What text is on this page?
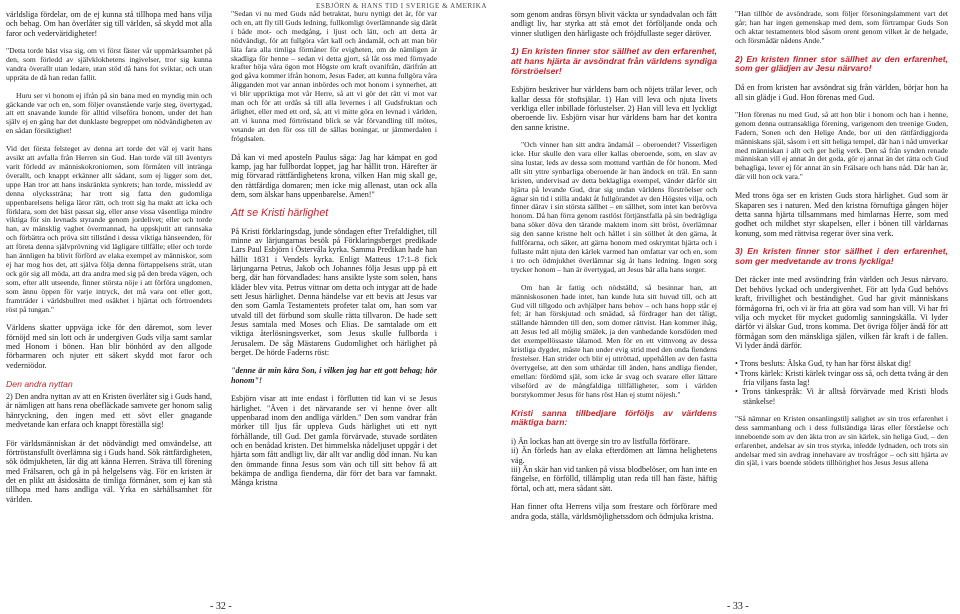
ESBJÖRN & HANS TID I SVERIGE & AMERIKA

världsliga fördelar, om de ej kunna stå tillhopa med hans vilja och behag. Om han överlåter sig till världen, så skydd mot alla faror och vederväridigheter!

"Detta torde bäst visa sig, om vi först fäster vår uppmärksamhet på den, som förledd av självklokhetens ingivelser, tror sig kunna vandra överallt utan ledare, utan stöd då hans fot sviktar, och utan uppräta de då han redan fallit.

Huru ser vi honom ej ifrån på sin bana med en myndig min och gäckande var och en, som följer ovanstående varje steg, övertygad, att ett snavande kunde för alltid vilseföra honom, under det han själv ej en gång har det dunklaste begreppet om nödvändigheten av en sådan försiktighet!

Vid det första felsteget av denna art torde det väl ej varit hans avsikt att avfalla från Herren sin Gud. Han torde väl till äventyrs varit förledd av människokroniomen, som förmåten vill intränga överallt, och knappt erkänner allt sådant, som ej ligger som det, uppe Han tror att hans inskränkta synkrets; han torde, missledd av denna olyckssträna; har trott sig fatta den gudomliga uppenbarelsens heliga läror rätt, och trott sig ha makt att icka och förklara, som det bäst passat sig, eller anse vissa väsentliga mindre viktiga för sin levnads styrande genom jordelivet; eller och torde han, av mänsklig vaghet övermannad, ha uppskjutit att rannsaka och förbättra och pröva sitt tillstånd i dessa viktiga hänseenden, för att företa denna självprövning vid lägligare tillfälle; eller och torde han ännligen ha blivit förförd av elaka exempel av människor, som ej har mog hos det, att själva följa denna förtappelsens strät, utan ock gör sig all möda, att dra andra med sig på den breda vägen, och som, efter allt utseende, finner största nöje i att förföra ungdomen, som ännu öppen för varje intryck, det må vara ont eller gott, framträder i världsbullret med osäkhet i hjärtat och förtroendets röst på tungan."

Världens skatter uppväga icke för den däremot, som lever förnöjd med sin lott och är undergiven Guds vilja samt samlar med Honom i bönen. Han blir bönhörd av den allgode förbarmaren och njuter ett säkert skydd mot faror och vederniödor.

Den andra nyttan

2) Den andra nyttan av att en Kristen överlåter sig i Guds hand, är nämligen att hans rena obefläckade samvete ger honom salig hänryckning, den ingen med ett sövt eller gnagande medvetande kan erfara och knappt föreställa sig!

För världsmänniskan är det nödvändigt med omvändelse, att förtröstansfullt överlämna sig i Guds hand. Sök rättfärdigheten, sök ödmjukheten, lär dig att känna Herren. Sträva till förening med Frälsaren, och gå in på helgelsens väg. För en kristen är det en plikt att åsidosätta de timliga förmåner, som ej kan stå tillhopa med hans andliga väl. Yrka en särhållsamhet för världen.

"Sedan vi nu med Guds nåd betraktat, huru nyttigt det är, för var och en, att fly till Guds ledning, fullkomligt överlämnande sig därät i både mot- och medgång, i ljust och lätt, och att detta är nödvändigt, för att fullgöra vårt kall och ändamål, och att man bör läta fara alla timliga förmåner för evigheten, om de nämligen är skadliga för henne – sedan vi detta gjort, så låt oss med förnyade krafter höja våra ögon mot Högste om kraft ovanifrån, därifrån att god gåva kommer ifrån honom, Jesus Fader, att kunna fullgöra våra åligganden mot var annan inbördes och mot honom i synnerhet, att vi blir uppriktiga mot vår Herre, så att vi gör det rätt vi mot var man och för att ordås så till alla levernes i all Gudsfruktan och ärlighet, eller med ett ord, så, att vi mitte göra en levnad i världen, att vi kunna med förtröstand blick se vår förvandling till mötes, vetande att den för oss till de sällas boningar, ur jämmerdalen i frögdsalen.

Då kan vi med aposteln Paulus säga: Jag har kämpat en god kamp, jag har fullbordat loppet, jag har hållit tron. Härefter är mig förvarad rättfärdighetens krona, vilken Han mig skall ge, den rättfärdiga domaren; men icke mig allenast, utan ock alla dem, som älskar hans uppenbarelse. Amen!"

Att se Kristi härlighet

På Kristi förklaringsdag, junde söndagen efter Trefaldighet, till minne av lärjungarnas besök på Förklaringsberget predikade Lars Paul Esbjörn i Östervåla kyrka. Samma Predikan hade han hållit 1831 i Vendels kyrka. Enligt Matteus 17:1–8 fick lärjungarna Petrus, Jakob och Johannes följa Jesus upp på ett berg, där han förvandlades: hans ansikte lyste som solen, hans kläder blev vita. Petrus vittnar om detta och intygar att de hade sett Jesus härlighet. Denna händelse var ett bevis att Jesus var den som Gamla Testamentets profeter talat om, han som var utvald till det förbund som skulle rätta tillvaron. De hade sett Jesus samtala med Moses och Elias. De samtalade om ett viktiga återlösningsverket, som Jesus skulle fullborda i Jerusalem. De såg Mästarens Gudomlighet och härlighet på berget. De hörde Faderns röst:

"denne är min kära Son, i vilken jag har ett gott behag; hör honom"!

Esbjörn visar att inte endast i förflutten tid kan vi se Jesus härlighet. "Även i det närvarande ser vi henne över allt uppenbarad inom den andliga världen." Den som vandrar från mörker till ljus får uppleva Guds härlighet uti ett nytt förhållande, till Gud. Det gamla förvärvade, stuvade sordäten och en benådad kristen. Det himmelska nådeljuset uppgår i det hjärta som fått andligt liv, där allt var andlig död innan. Nu kan den ömmande finna Jesus som vän och till sitt behov få att bekämpa de andliga fienderna, där förr det bara var famnakt. Många kristna

som genom andras försyn blivit väckta ur syndadvalan och fått andligt liv, har styrka att stå emot det förföljande onda och vinner slutligen den härligaste och fröjdfullaste seger däröver.

1) En kristen finner stor sällhet av den erfarenhet, att hans hjärta är avsöndrat från världens syndiga förströelser!

Esbjörn beskriver hur världens barn och nöjets trälar lever, och kallar dessa för stoftsjälar. 1) Han vill leva och njuta livets verkliga eller inbillade förlustelser. 2) Han vill leva ett lyckligt oberoende liv. Esbjörn visar hur världens barn har det kontra den sanne kristne.

"Och vinner han sitt andra ändamål – oberoendet? Visserligen icke. Hur skulle den vara eller kallas oberoende, som, en slav av sina lustar, leds av dessa som mottund varthän de för honom. Med allt sitt yttre synbarliga oberoende är han ändock en träl. En sann kristen, undervisad av detta beklagliga exempel, vänder därför sitt hjärta på levande Gud, drar sig undan världens förströelser och ägnar sin tid i stilla andakt åt fullgörandet av den Högstes vilja, och finner därav i sin största sällhet – en sällhet, som intet kan berövva honom. Då han förra genom rastlöst förtjänstfalla på sin bedrägliga bana söker döva den tärande maktem inom sitt bröst, överlämnar sig den sanne kristne helt och hållet i sin söllhet åt den gärna, åt fullförarna, och säker, att gärna honom med oskrymtat hjärta och i fullaste mått njuta den kärlek varmed han omfattar var och en, som i tro och ödmjukhet överlämnar sig åt hans ledning. Ingen sorg trycker honom – han är övertygad, att Jesus bär alla hans sorger.

Om han är fattig och nödställd, så besinnar han, att människosonen hade intet, han kunde luta sitt huvud till, och att Gud vill tillgodo och avhjälper hans behov – och hans hopp står ej fel; är han förskjutad och smädad, så fördrager han det tåligt, ställande hämnden till den, som domer rättvist. Han kommer ihåg, att Jesus led all möjlig smälek, ja den vanhedande korsdöden med det exempellössaste tålamod. Men för en ett vittnvong av dessa kristliga dygder, måste han under evig strid med den onda fiendens frestelser. Han strider och blir ej uttröttad, uppehållen av den fastta övertygelse, att den som uthärdar till änden, hans andliga fiender, emellan: fördömd själ, som icke är svag och svarare eller lättare vilseförd av de mångfaldiga tillfälligheter, som i världen borstykommer Jesus för hans röst Han ej stumt nöjesh."

Kristi sanna tillbedjare förföljs av världens mäktiga barn:

i) Än lockas han att överge sin tro av listfulla förförare.
ii) Än förleds han av elaka efterdömen att lämna helighetens väg.
iii) Än skär han vid tanken på vissa blodbelöser, om han inte en fängelse, en förfölld, tillämplig utan reda till han fäste, häftig förtal, och att, mera sådant sätt.

Han finner ofta Herrens vilja som frestare och förförare med andra goda, ställa, världsmöjlighetssdom och ödmjuka kristna.

"Han tillhör de avsöndrade, som följer försoningslamment vart det går; han har ingen gemenskap med dem, som förtrampar Guds Son och aktar testamentets blod såsom orent genom vilket är de helgade, och försmådär nådens Ande."

2) En kristen finner stor sällhet av den erfarenhet, som ger glädjen av Jesu närvaro!

Då en from kristen har avsöndrat sig från världen, börjar hon ha all sin glädje i Gud. Hon förenas med Gud.

"Hon förenas nu med Gud, så att hon blir i honom och han i henne, genom denna outransakliga förening, varigenom den treenige Guden, Fadern, Sonen och den Helige Ande, bor uti den rättfärdiggjorda människans själ, såsom i ett sitt heliga tempel, där han i nåd umverkar med människan i allt och ger helig verk. Den så från synden renade människan vill ej annat än det goda, gör ej annat än det rätta och Gud behagliga, lever ej för annat än sin Frälsare och hans nåd. Där han är, där vill hon ock vara."

Med trons öga ser en kristen Guds stora härlighet. Gud som är Skaparen ses i naturen. Med den kristna förnuftiga gången höjer detta sanna hjärta tillsammans med himlarnas Herre, som med godhet och mildhet styr skapelsen, eller i bönen till världarnas konung, som med rättvisa regerar över sina verk.

3) En kristen finner stor sällhet i den erfarenhet, som ger medvetande av trons lyckliga!

Det räcker inte med avsöndring från världen och Jesus närvaro. Det behövs lyckad och undergivenhet. För att lyda Gud behövs kraft, frivillighet och beständighet. Gud har givit människans förmågorna fri, och vi är fria att göra vad som han vill. Vi har fri vilja och mycket för mycket gudomlig sanningskälla. Vi lyder därför vi älskar Gud, trons komma. Det övriga följer ändå för att förmågan som den mänskliga själen, vilken får kraft i de fallen. Vi lyder ändå därför.

• Trons besluts: Älska Gud, ty han har först älskat dig!
• Trons kärlek: Kristi kärlek tvingar oss så, och detta tvång är den fria viljans fasta lag!
• Trons tänkespråk: Vi är alltså förvärvade med Kristi blods stänkelse!

"Så nämnar en Kristen onsanlingstilj salighet av sin tros erfarenhet i dess sammanhang och i dess fullständiga läras eller förståelse och inneboende som av den äkta tron av sin kärlek, sin heliga Gud, – den erfarenhet, andelsar av sin tros styrka, inledde lydnaden, och trots sin andelsar med sin avdrag innehavare av trosfrågor – och sitt hjärta av din själ, i vars boende stödets tillhörighet hos Jesus Jesus allena

- 32 -	- 33 -
